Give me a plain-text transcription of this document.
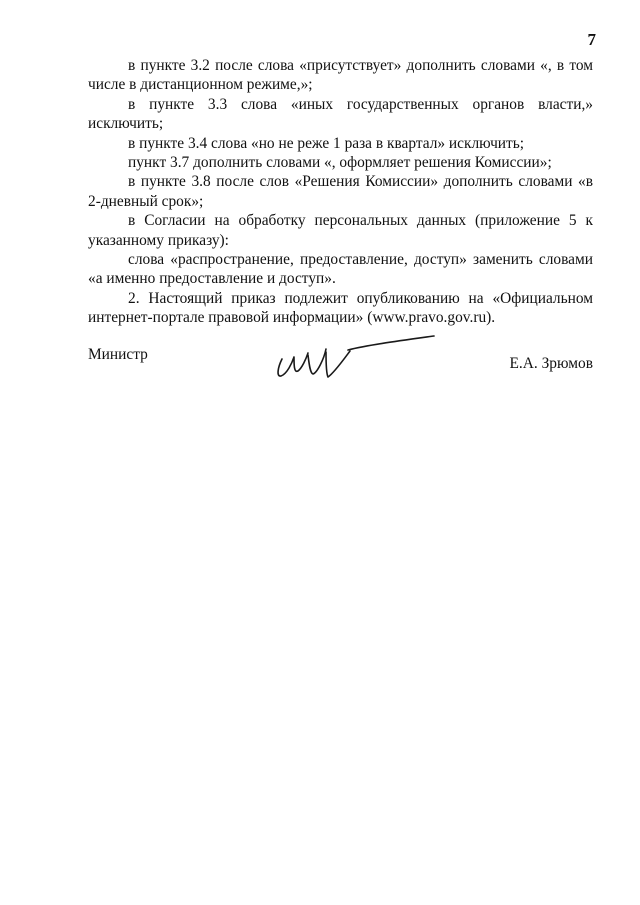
7

в пункте 3.2 после слова «присутствует» дополнить словами «, в том числе в дистанционном режиме,»;

в пункте 3.3 слова «иных государственных органов власти,» исключить;

в пункте 3.4 слова «но не реже 1 раза в квартал» исключить;

пункт 3.7 дополнить словами «, оформляет решения Комиссии»;

в пункте 3.8 после слов «Решения Комиссии» дополнить словами «в 2-дневный срок»;

в Согласии на обработку персональных данных (приложение 5 к указанному приказу):

слова «распространение, предоставление, доступ» заменить словами «а именно предоставление и доступ».

2. Настоящий приказ подлежит опубликованию на «Официальном интернет-портале правовой информации» (www.pravo.gov.ru).

Министр
Е.А. Зрюмов
